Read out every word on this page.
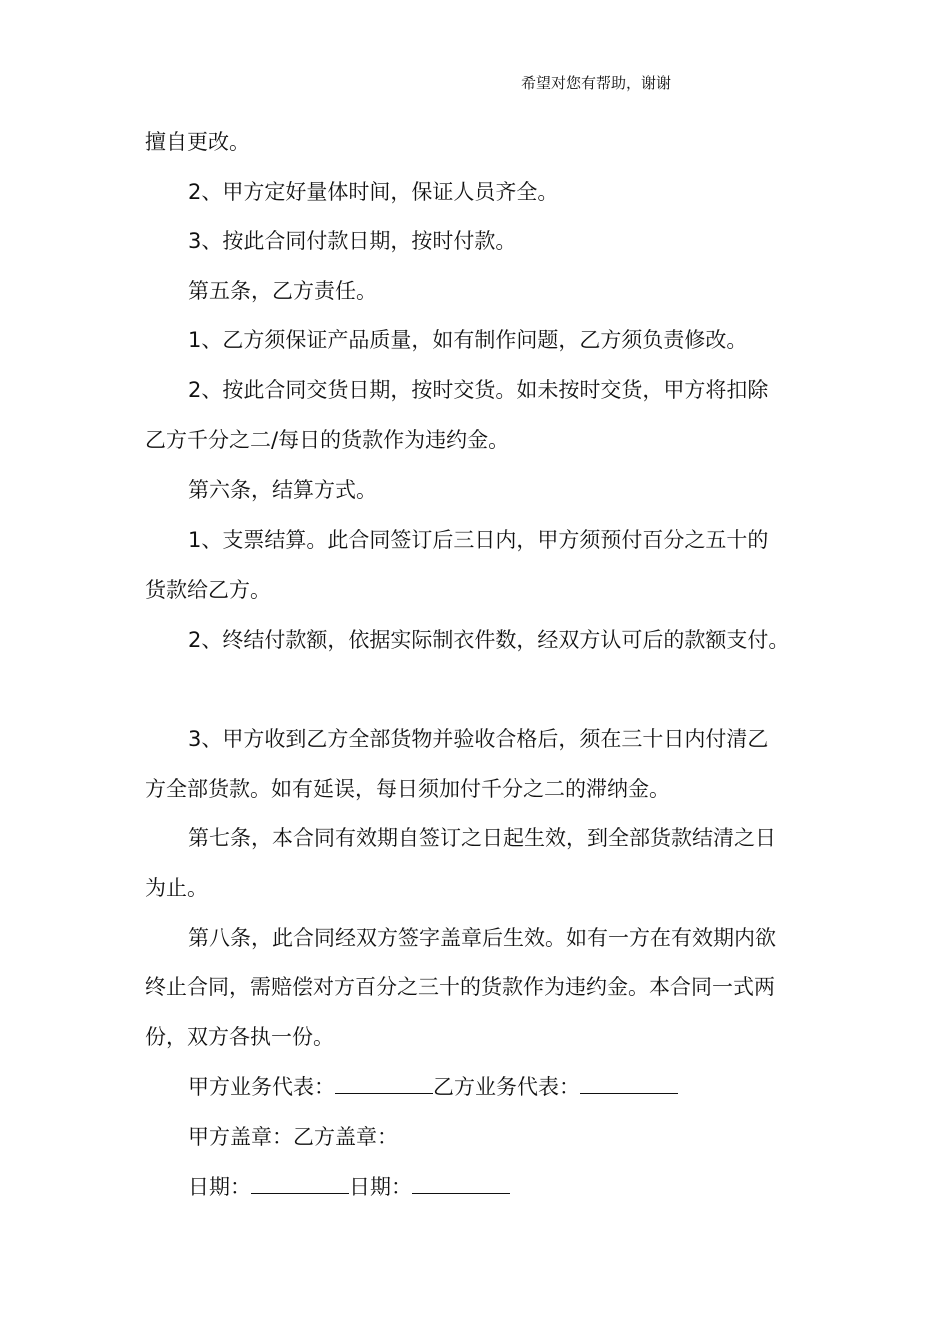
希望对您有帮助，谢谢
擅自更改。
2、甲方定好量体时间，保证人员齐全。
3、按此合同付款日期，按时付款。
第五条，乙方责任。
1、乙方须保证产品质量，如有制作问题，乙方须负责修改。
2、按此合同交货日期，按时交货。如未按时交货，甲方将扣除
乙方千分之二/每日的货款作为违约金。
第六条，结算方式。
1、支票结算。此合同签订后三日内，甲方须预付百分之五十的
货款给乙方。
2、终结付款额，依据实际制衣件数，经双方认可后的款额支付。
3、甲方收到乙方全部货物并验收合格后，须在三十日内付清乙
方全部货款。如有延误，每日须加付千分之二的滞纳金。
第七条，本合同有效期自签订之日起生效，到全部货款结清之日
为止。
第八条，此合同经双方签字盖章后生效。如有一方在有效期内欲
终止合同，需赔偿对方百分之三十的货款作为违约金。本合同一式两
份，双方各执一份。
甲方业务代表：	乙方业务代表：
甲方盖章：乙方盖章：
日期：	日期：
